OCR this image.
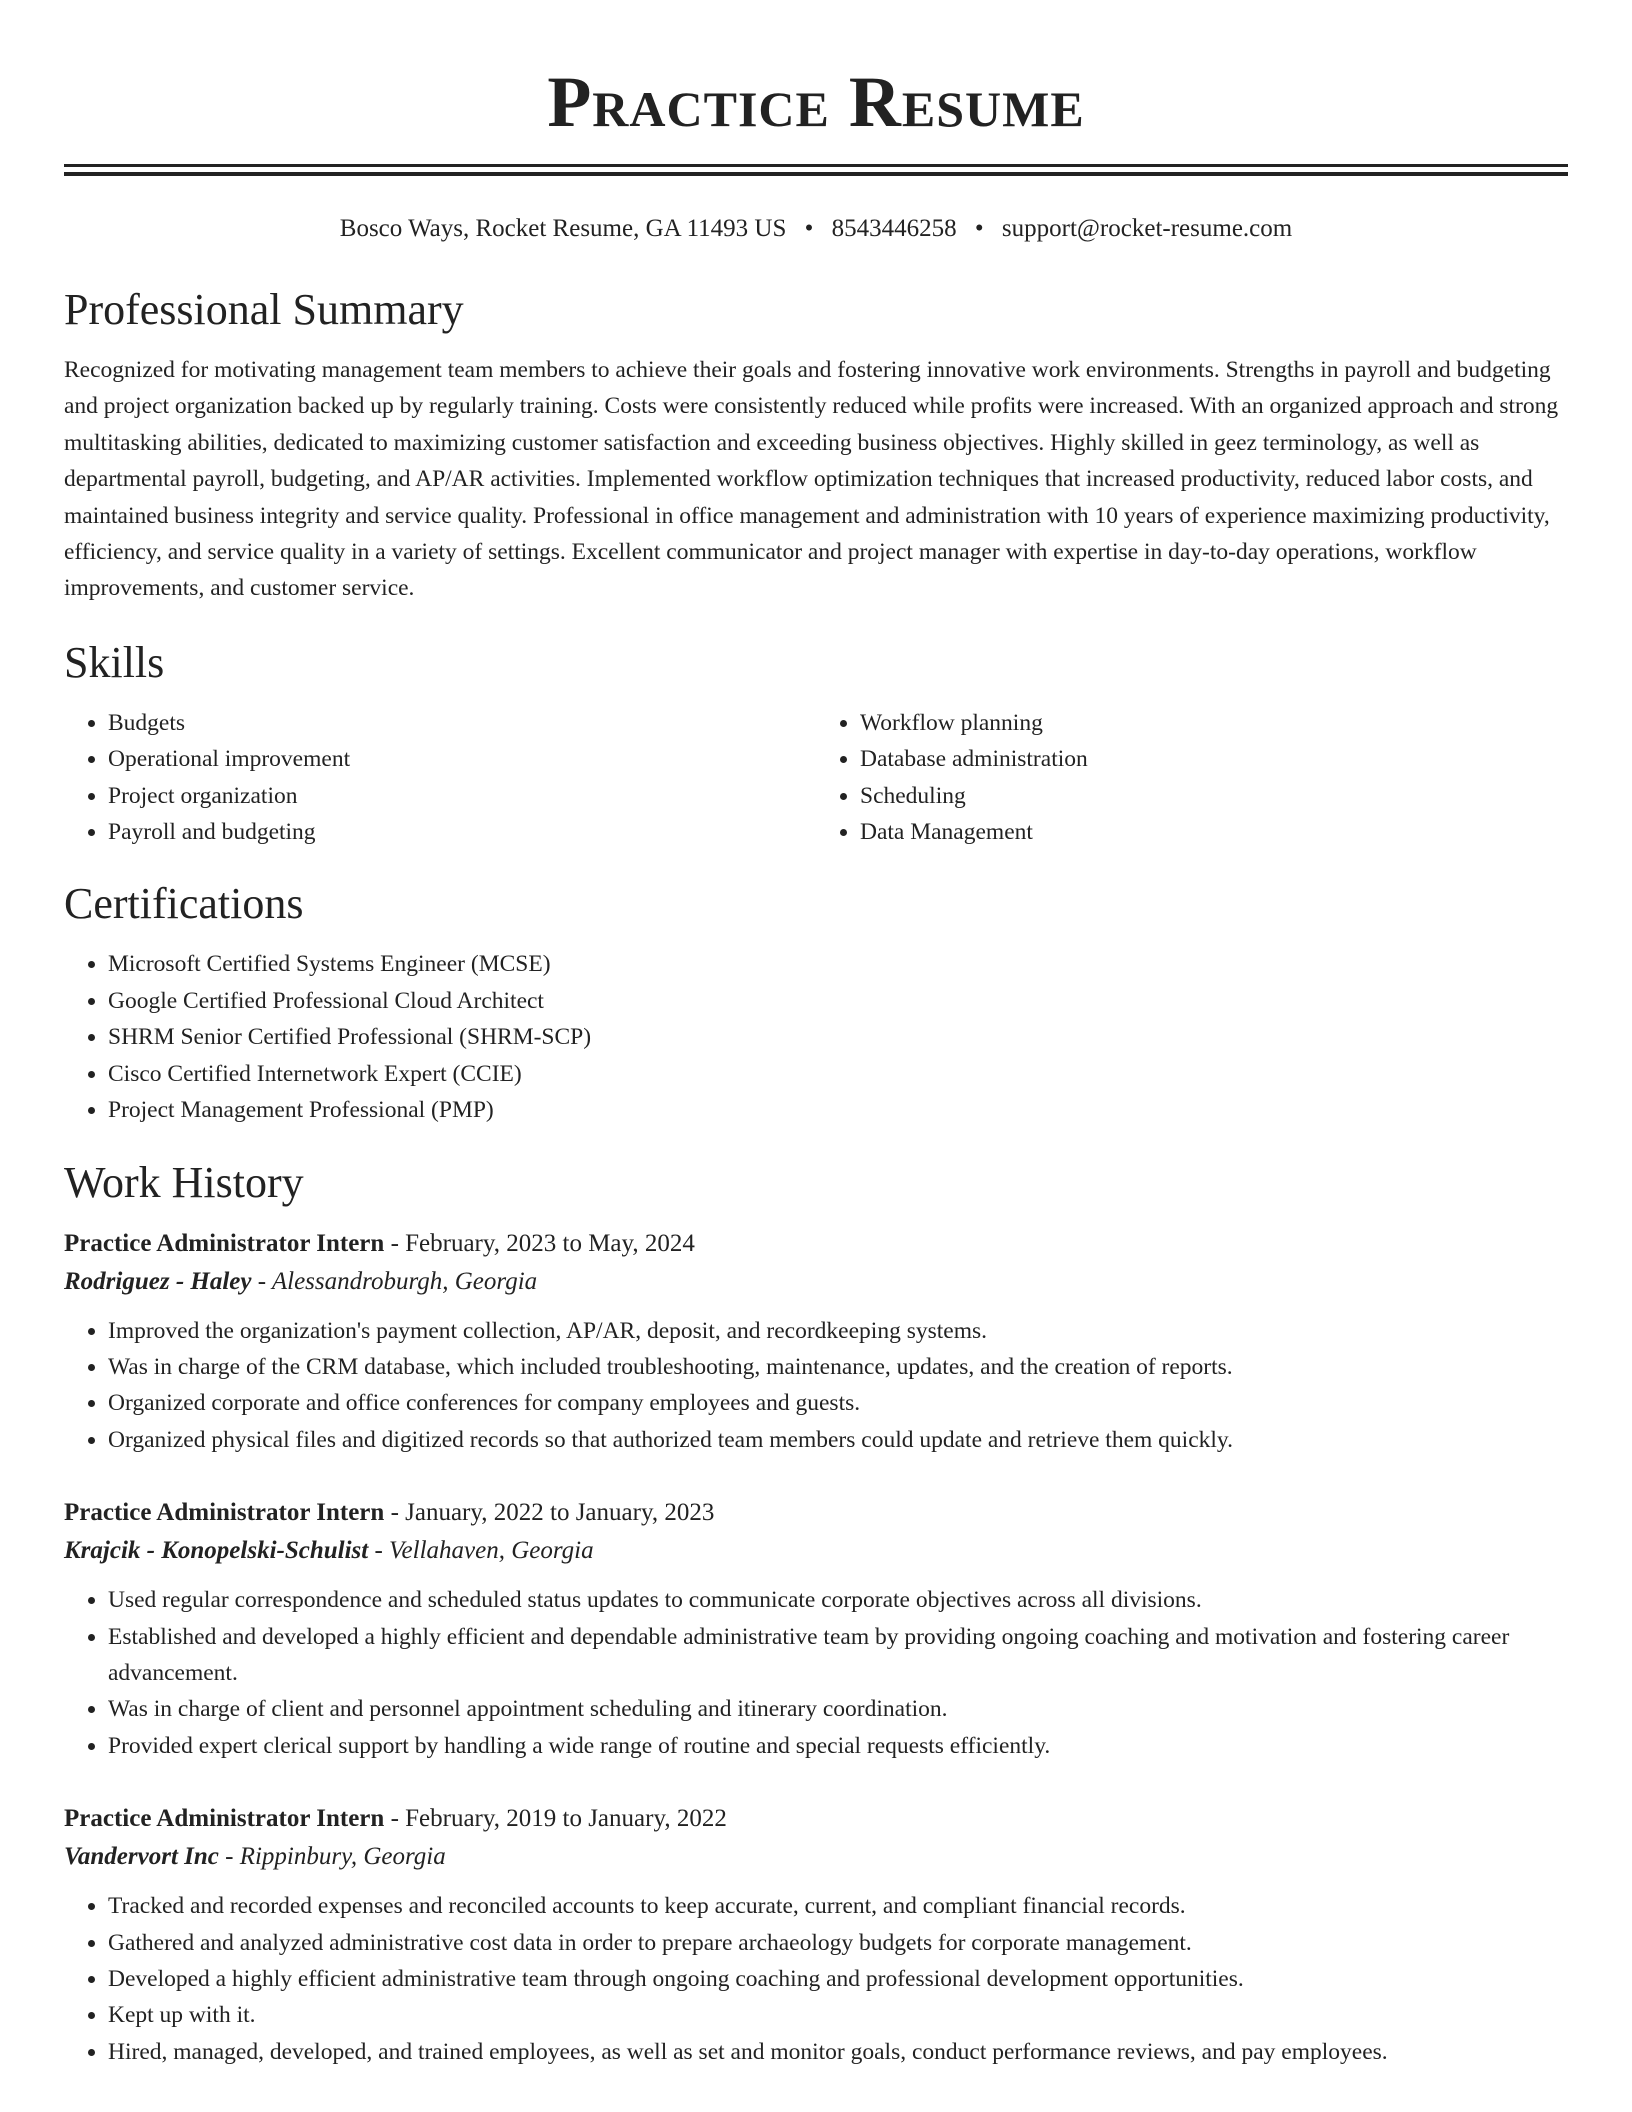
Practice Resume
Bosco Ways, Rocket Resume, GA 11493 US • 8543446258 • support@rocket-resume.com
Professional Summary

Recognized for motivating management team members to achieve their goals and fostering innovative work environments. Strengths in payroll and budgeting and project organization backed up by regularly training. Costs were consistently reduced while profits were increased. With an organized approach and strong multitasking abilities, dedicated to maximizing customer satisfaction and exceeding business objectives. Highly skilled in geez terminology, as well as departmental payroll, budgeting, and AP/AR activities. Implemented workflow optimization techniques that increased productivity, reduced labor costs, and maintained business integrity and service quality. Professional in office management and administration with 10 years of experience maximizing productivity, efficiency, and service quality in a variety of settings. Excellent communicator and project manager with expertise in day-to-day operations, workflow improvements, and customer service.

Skills
• Budgets
• Operational improvement
• Project organization
• Payroll and budgeting
• Workflow planning
• Database administration
• Scheduling
• Data Management
Certifications
• Microsoft Certified Systems Engineer (MCSE)
• Google Certified Professional Cloud Architect
• SHRM Senior Certified Professional (SHRM-SCP)
• Cisco Certified Internetwork Expert (CCIE)
• Project Management Professional (PMP)
Work History
Practice Administrator Intern - February, 2023 to May, 2024
Rodriguez - Haley - Alessandroburgh, Georgia
• Improved the organization's payment collection, AP/AR, deposit, and recordkeeping systems.
• Was in charge of the CRM database, which included troubleshooting, maintenance, updates, and the creation of reports.
• Organized corporate and office conferences for company employees and guests.
• Organized physical files and digitized records so that authorized team members could update and retrieve them quickly.
Practice Administrator Intern - January, 2022 to January, 2023
Krajcik - Konopelski-Schulist - Vellahaven, Georgia
• Used regular correspondence and scheduled status updates to communicate corporate objectives across all divisions.
• Established and developed a highly efficient and dependable administrative team by providing ongoing coaching and motivation and fostering career advancement.
• Was in charge of client and personnel appointment scheduling and itinerary coordination.
• Provided expert clerical support by handling a wide range of routine and special requests efficiently.
Practice Administrator Intern - February, 2019 to January, 2022
Vandervort Inc - Rippinbury, Georgia
• Tracked and recorded expenses and reconciled accounts to keep accurate, current, and compliant financial records.
• Gathered and analyzed administrative cost data in order to prepare archaeology budgets for corporate management.
• Developed a highly efficient administrative team through ongoing coaching and professional development opportunities.
• Kept up with it.
• Hired, managed, developed, and trained employees, as well as set and monitor goals, conduct performance reviews, and pay employees.
